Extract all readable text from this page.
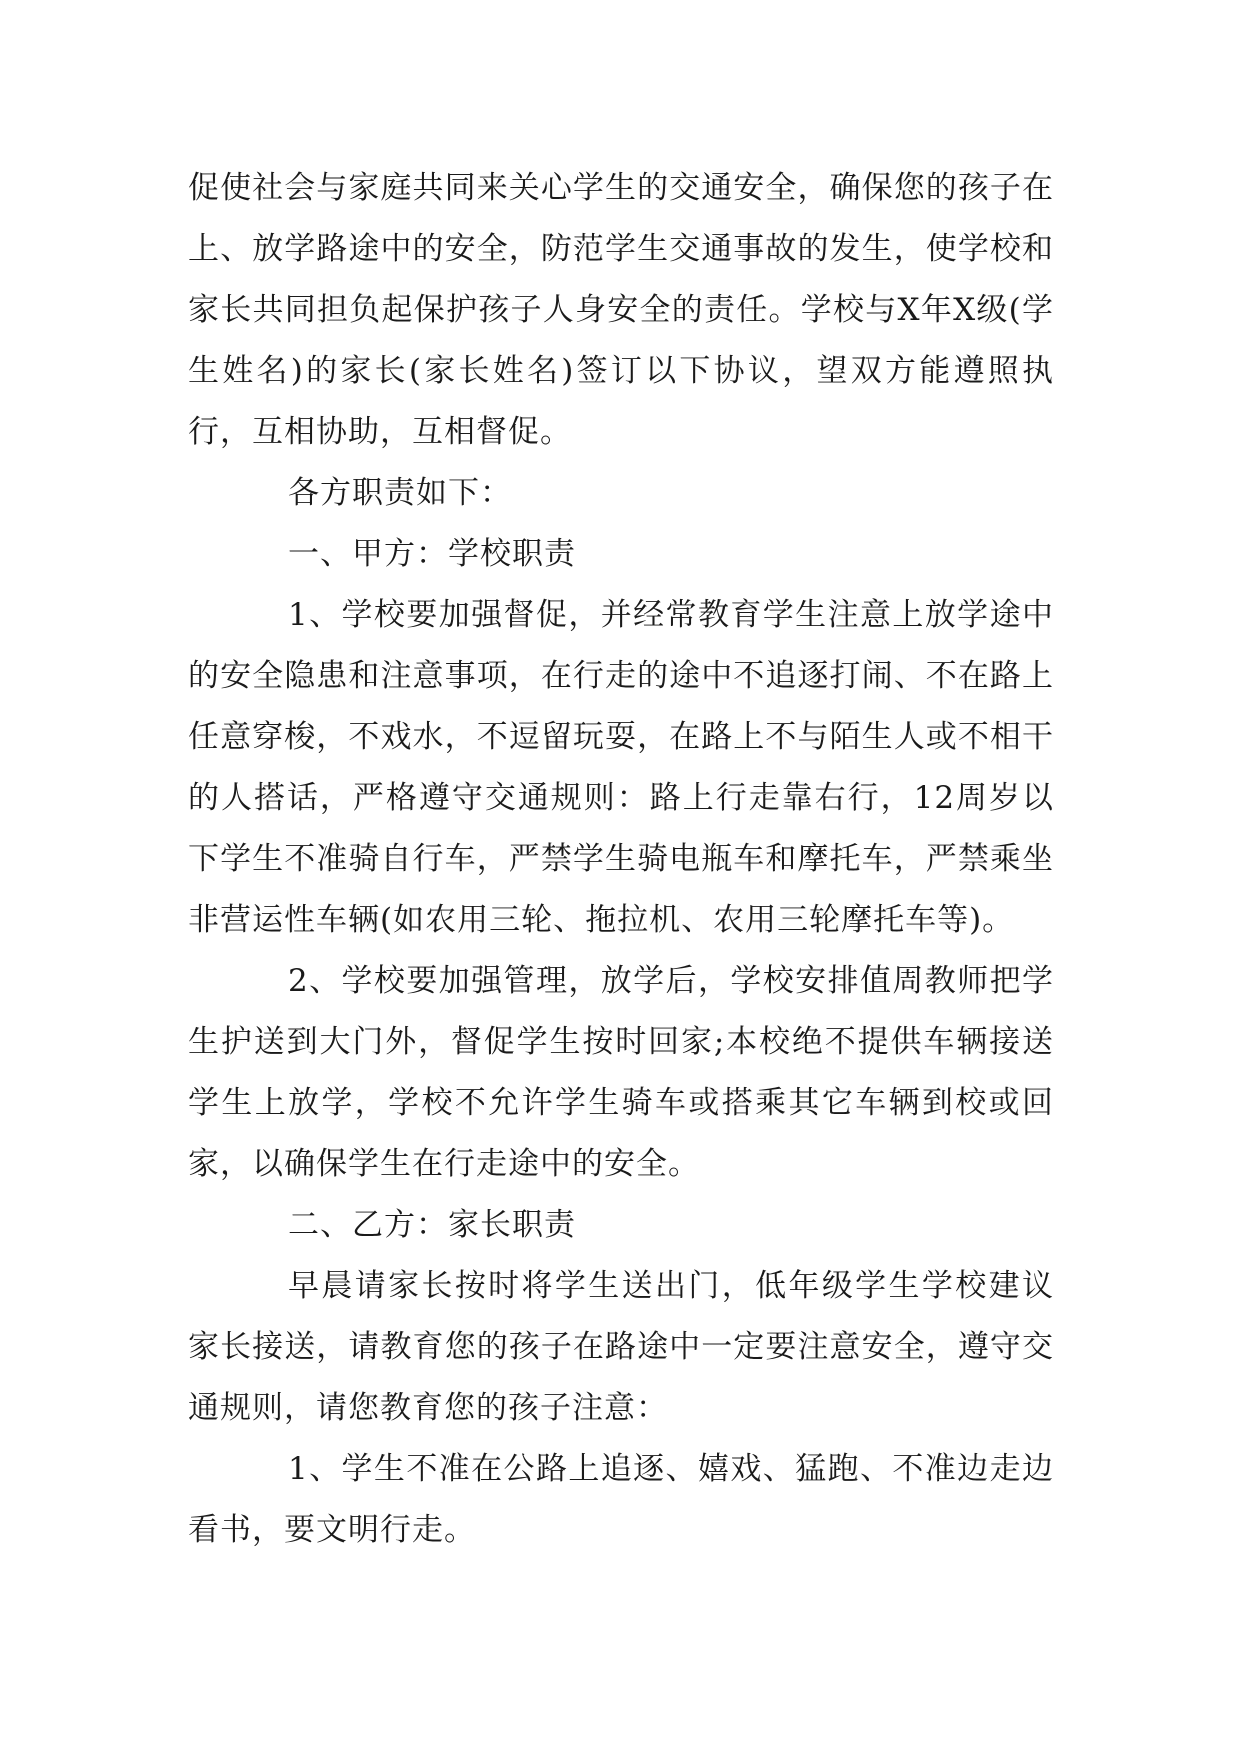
促使社会与家庭共同来关心学生的交通安全，确保您的孩子在上、放学路途中的安全，防范学生交通事故的发生，使学校和家长共同担负起保护孩子人身安全的责任。学校与X年X级(学生姓名)的家长(家长姓名)签订以下协议，望双方能遵照执行，互相协助，互相督促。

各方职责如下：

一、甲方：学校职责

1、学校要加强督促，并经常教育学生注意上放学途中的安全隐患和注意事项，在行走的途中不追逐打闹、不在路上任意穿梭，不戏水，不逗留玩耍，在路上不与陌生人或不相干的人搭话，严格遵守交通规则：路上行走靠右行，12周岁以下学生不准骑自行车，严禁学生骑电瓶车和摩托车，严禁乘坐非营运性车辆(如农用三轮、拖拉机、农用三轮摩托车等)。

2、学校要加强管理，放学后，学校安排值周教师把学生护送到大门外，督促学生按时回家;本校绝不提供车辆接送学生上放学，学校不允许学生骑车或搭乘其它车辆到校或回家，以确保学生在行走途中的安全。

二、乙方：家长职责

早晨请家长按时将学生送出门，低年级学生学校建议家长接送，请教育您的孩子在路途中一定要注意安全，遵守交通规则，请您教育您的孩子注意：

1、学生不准在公路上追逐、嬉戏、猛跑、不准边走边看书，要文明行走。
